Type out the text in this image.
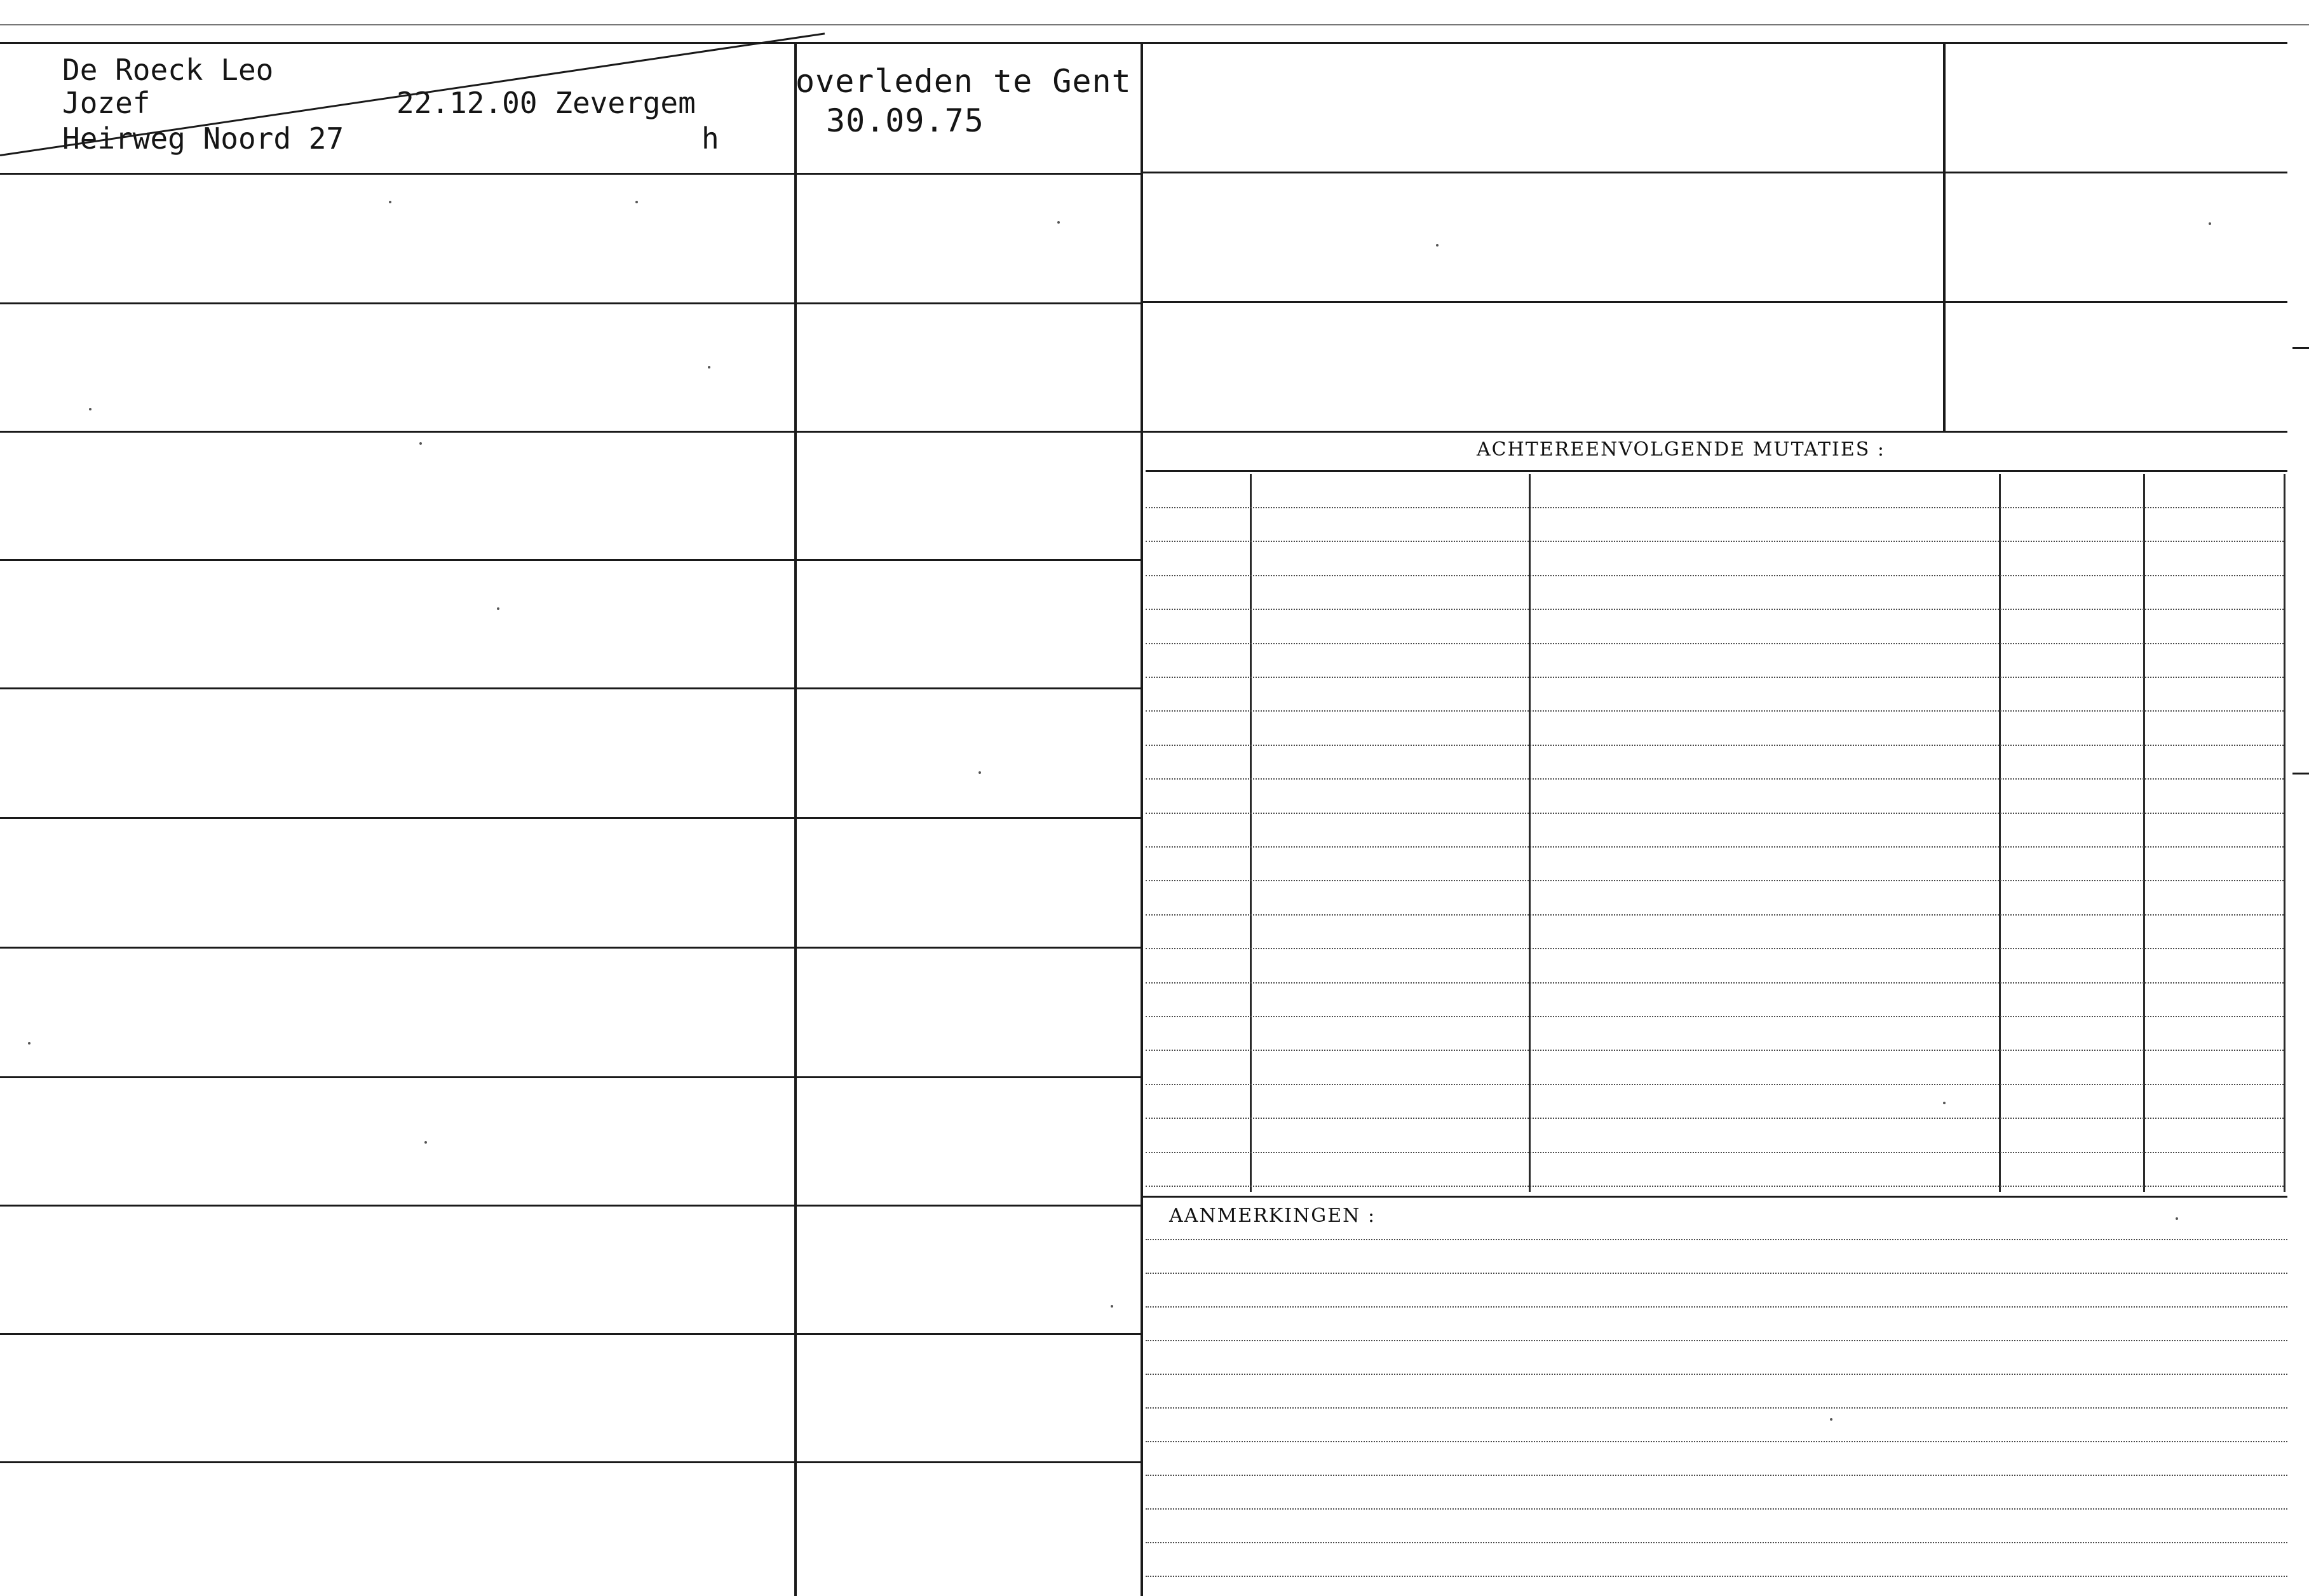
De Roeck Leo
Jozef	22.12.00 Zevergem
Heirweg Noord 27	h
overleden te Gent
30.09.75
ACHTEREENVOLGENDE MUTATIES :
AANMERKINGEN :
